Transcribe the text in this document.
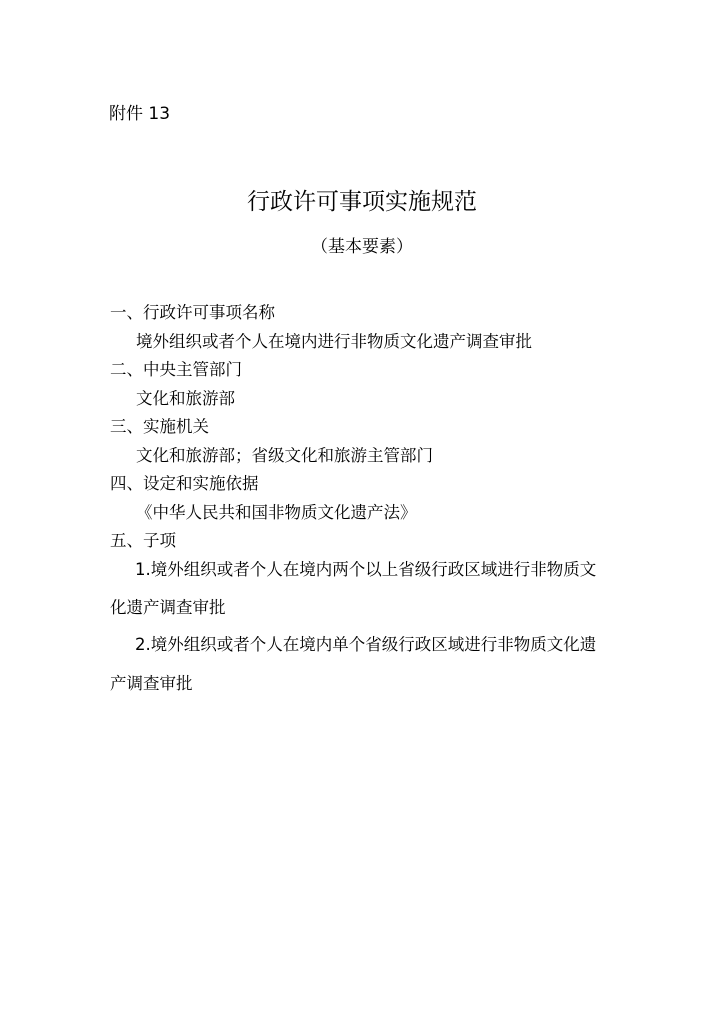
附件 13
行政许可事项实施规范
（基本要素）
一、行政许可事项名称
境外组织或者个人在境内进行非物质文化遗产调查审批
二、中央主管部门
文化和旅游部
三、实施机关
文化和旅游部；省级文化和旅游主管部门
四、设定和实施依据
《中华人民共和国非物质文化遗产法》
五、子项
1.境外组织或者个人在境内两个以上省级行政区域进行非物质文
化遗产调查审批
2.境外组织或者个人在境内单个省级行政区域进行非物质文化遗
产调查审批
